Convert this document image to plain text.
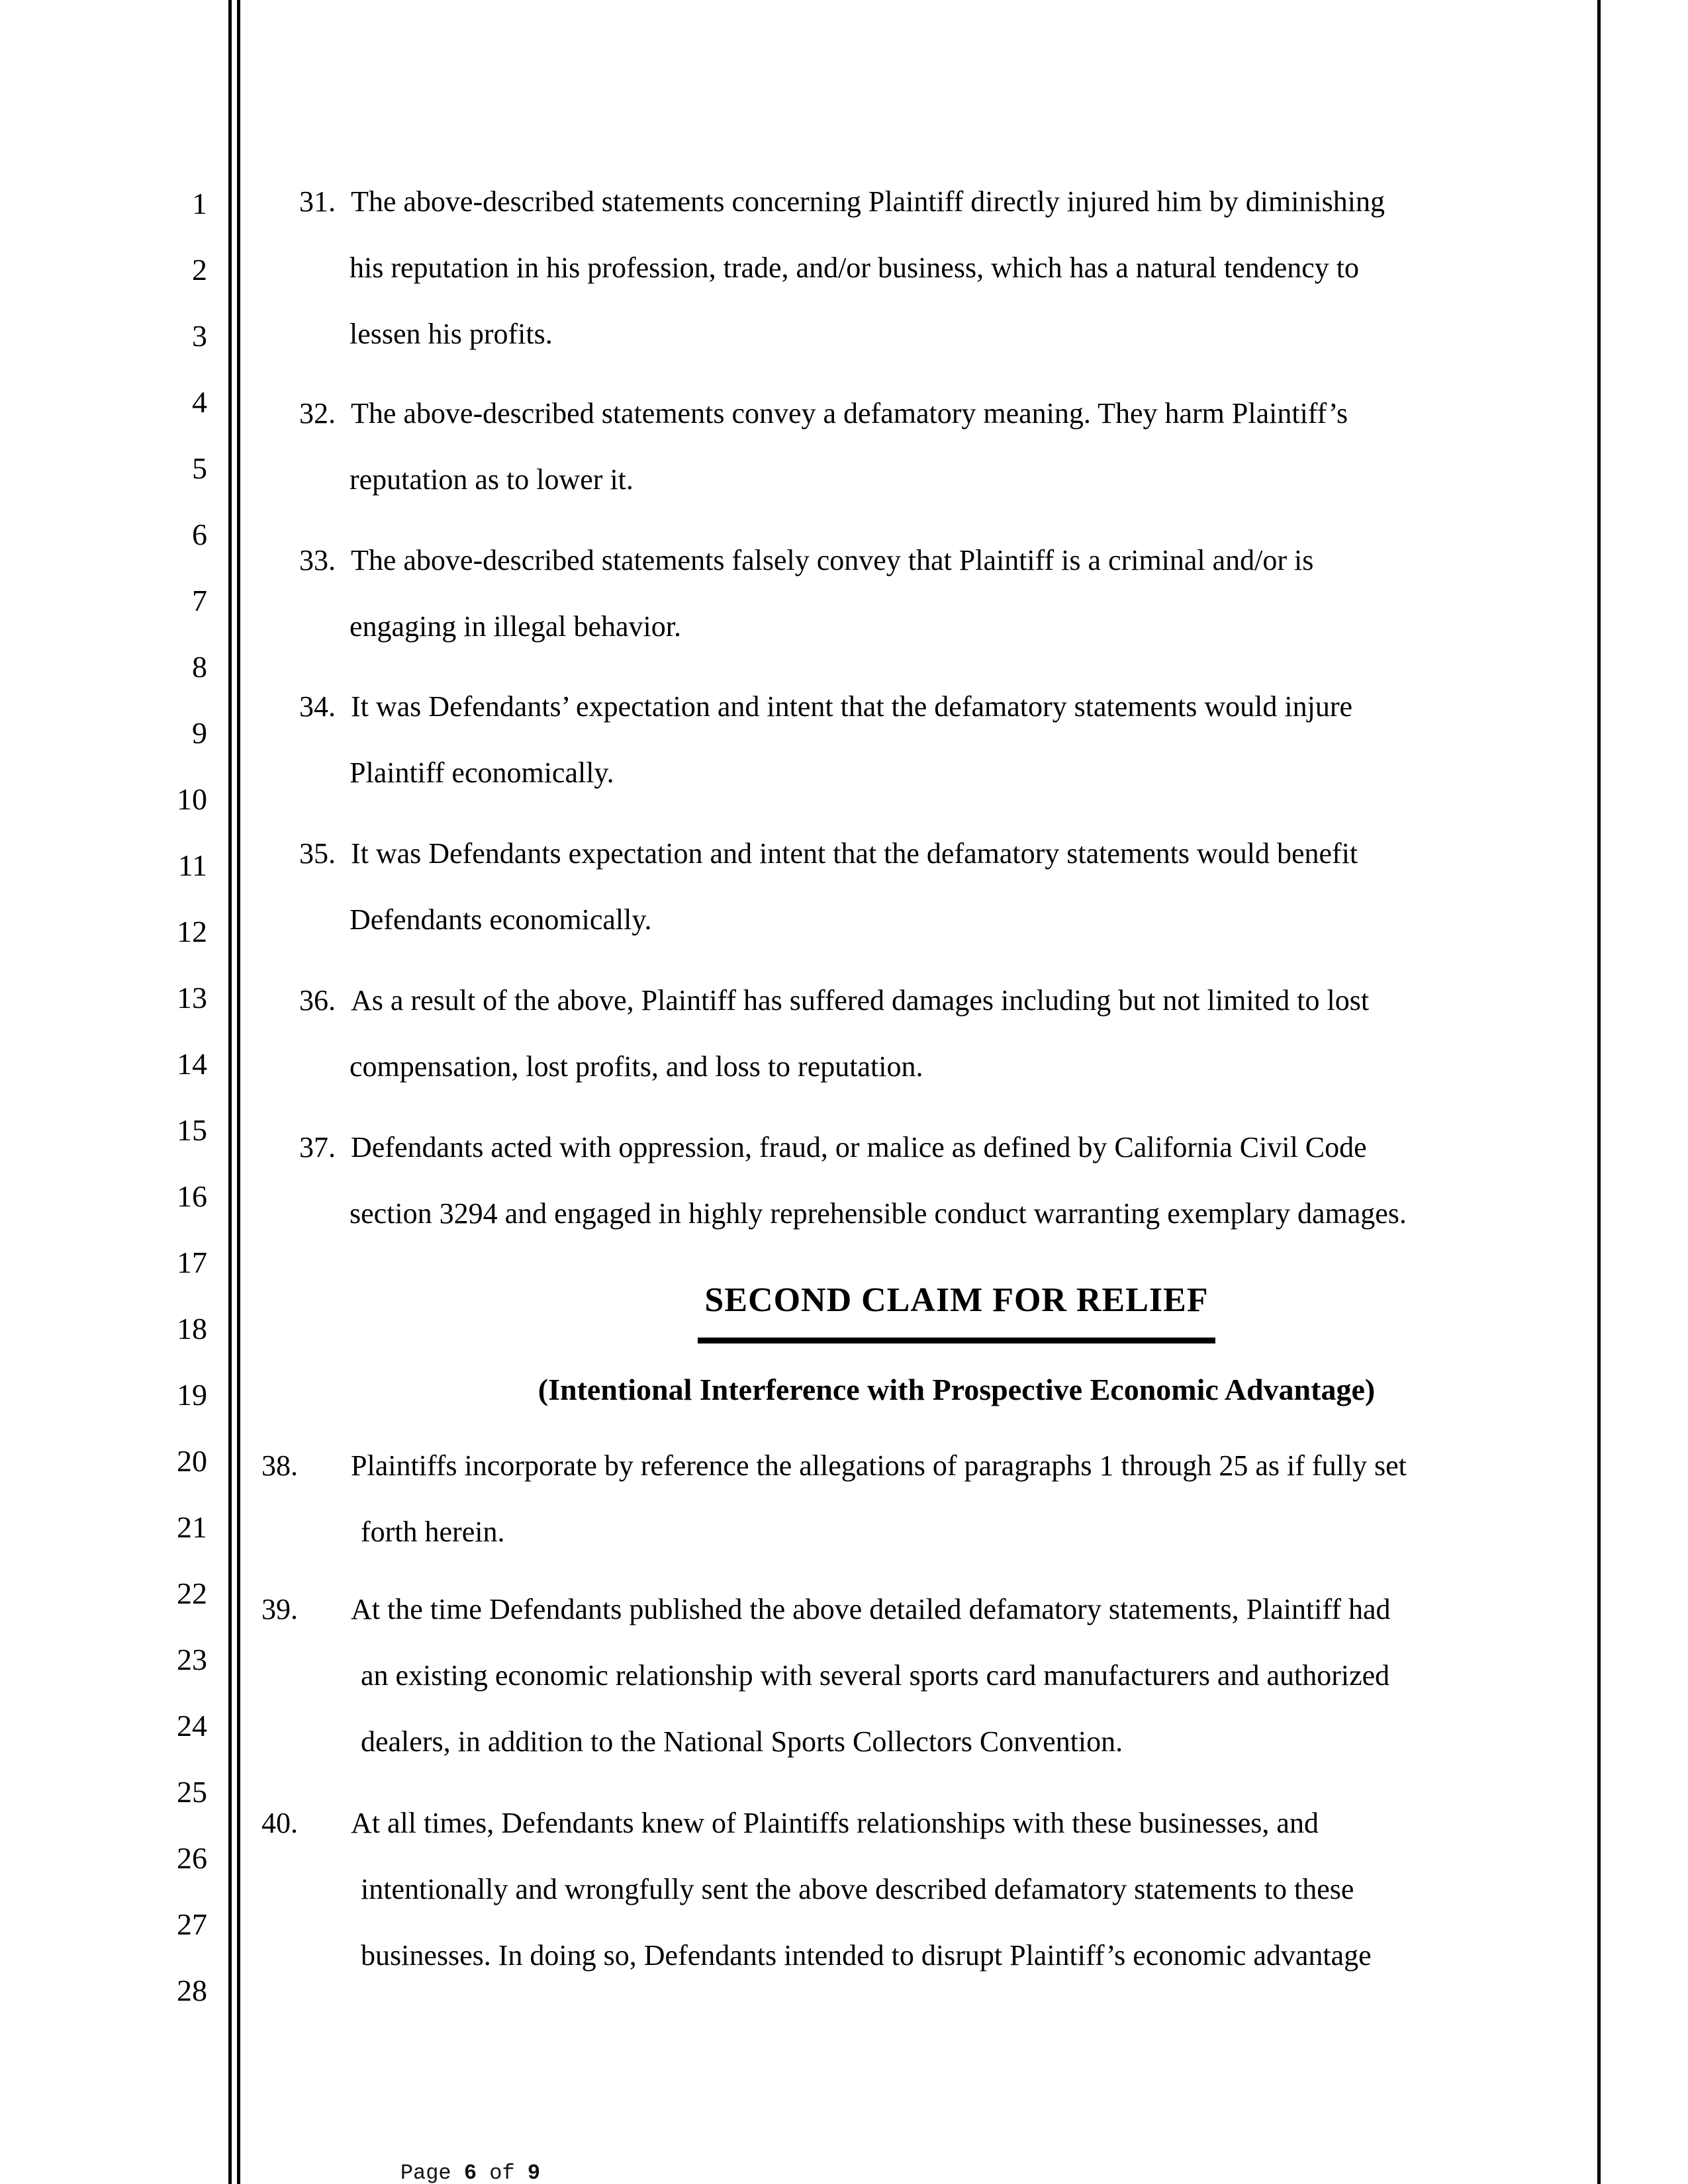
1
2
3
4
5
6
7
8
9
10
11
12
13
14
15
16
17
18
19
20
21
22
23
24
25
26
27
28
31. The above-described statements concerning Plaintiff directly injured him by diminishing
his reputation in his profession, trade, and/or business, which has a natural tendency to
lessen his profits.
32. The above-described statements convey a defamatory meaning. They harm Plaintiff’s
reputation as to lower it.
33. The above-described statements falsely convey that Plaintiff is a criminal and/or is
engaging in illegal behavior.
34. It was Defendants’ expectation and intent that the defamatory statements would injure
Plaintiff economically.
35. It was Defendants expectation and intent that the defamatory statements would benefit
Defendants economically.
36. As a result of the above, Plaintiff has suffered damages including but not limited to lost
compensation, lost profits, and loss to reputation.
37. Defendants acted with oppression, fraud, or malice as defined by California Civil Code
section 3294 and engaged in highly reprehensible conduct warranting exemplary damages.
SECOND CLAIM FOR RELIEF
(Intentional Interference with Prospective Economic Advantage)
38. Plaintiffs incorporate by reference the allegations of paragraphs 1 through 25 as if fully set
forth herein.
39. At the time Defendants published the above detailed defamatory statements, Plaintiff had
an existing economic relationship with several sports card manufacturers and authorized
dealers, in addition to the National Sports Collectors Convention.
40. At all times, Defendants knew of Plaintiffs relationships with these businesses, and
intentionally and wrongfully sent the above described defamatory statements to these
businesses. In doing so, Defendants intended to disrupt Plaintiff’s economic advantage

Page 6 of 9
